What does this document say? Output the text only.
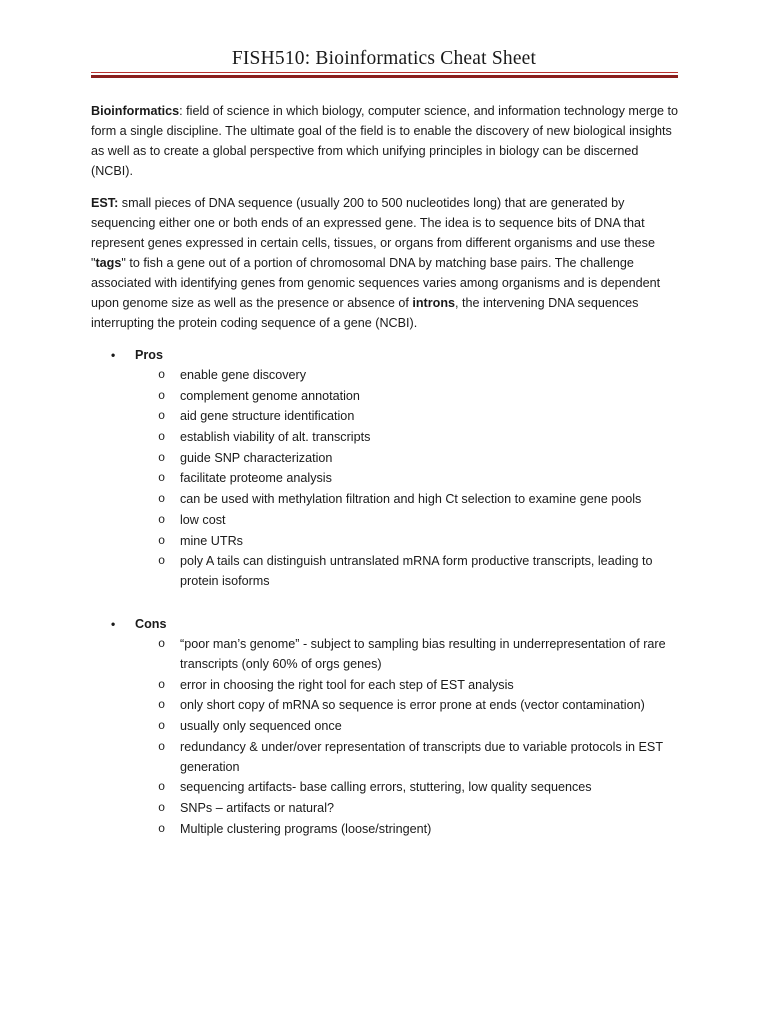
FISH510: Bioinformatics Cheat Sheet

Bioinformatics: field of science in which biology, computer science, and information technology merge to form a single discipline. The ultimate goal of the field is to enable the discovery of new biological insights as well as to create a global perspective from which unifying principles in biology can be discerned (NCBI).

EST: small pieces of DNA sequence (usually 200 to 500 nucleotides long) that are generated by sequencing either one or both ends of an expressed gene. The idea is to sequence bits of DNA that represent genes expressed in certain cells, tissues, or organs from different organisms and use these "tags" to fish a gene out of a portion of chromosomal DNA by matching base pairs. The challenge associated with identifying genes from genomic sequences varies among organisms and is dependent upon genome size as well as the presence or absence of introns, the intervening DNA sequences interrupting the protein coding sequence of a gene (NCBI).

• Pros
o enable gene discovery
o complement genome annotation
o aid gene structure identification
o establish viability of alt. transcripts
o guide SNP characterization
o facilitate proteome analysis
o can be used with methylation filtration and high Ct selection to examine gene pools
o low cost
o mine UTRs
o poly A tails can distinguish untranslated mRNA form productive transcripts, leading to protein isoforms
• Cons
o “poor man’s genome” - subject to sampling bias resulting in underrepresentation of rare transcripts (only 60% of orgs genes)
o error in choosing the right tool for each step of EST analysis
o only short copy of mRNA so sequence is error prone at ends (vector contamination)
o usually only sequenced once
o redundancy & under/over representation of transcripts due to variable protocols in EST generation
o sequencing artifacts- base calling errors, stuttering, low quality sequences
o SNPs – artifacts or natural?
o Multiple clustering programs (loose/stringent)
